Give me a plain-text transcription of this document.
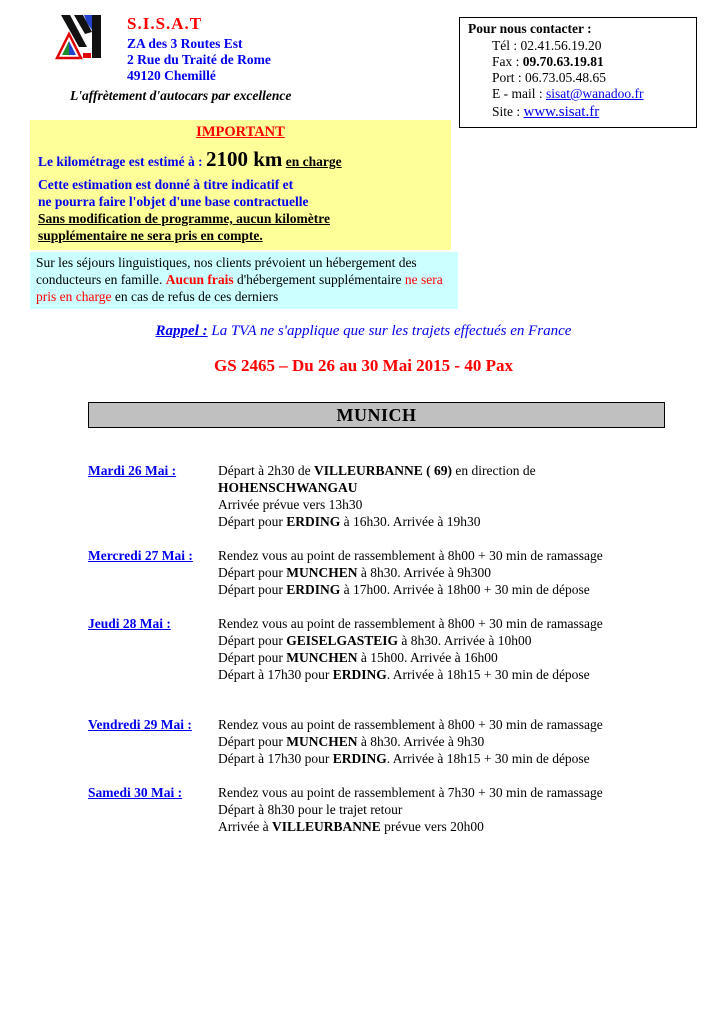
S.I.S.A.T
ZA des 3 Routes Est
2 Rue du Traité de Rome
49120 Chemillé
L'affrètement d'autocars par excellence
Pour nous contacter :
Tél : 02.41.56.19.20
Fax : 09.70.63.19.81
Port : 06.73.05.48.65
E - mail : sisat@wanadoo.fr
Site : www.sisat.fr
IMPORTANT
Le kilométrage est estimé à : 2100 km en charge
Cette estimation est donné à titre indicatif et
ne pourra faire l'objet d'une base contractuelle
Sans modification de programme, aucun kilomètre
supplémentaire ne sera pris en compte.
Sur les séjours linguistiques, nos clients prévoient un hébergement des conducteurs en famille. Aucun frais d'hébergement supplémentaire ne sera pris en charge en cas de refus de ces derniers
Rappel : La TVA ne s'applique que sur les trajets effectués en France
GS 2465 – Du 26 au 30 Mai 2015 - 40 Pax
MUNICH
Mardi 26 Mai :	Départ à 2h30 de VILLEURBANNE ( 69) en direction de
HOHENSCHWANGAU
Arrivée prévue vers 13h30
Départ pour ERDING à 16h30. Arrivée à 19h30
Mercredi 27 Mai :	Rendez vous au point de rassemblement à 8h00 + 30 min de ramassage
Départ pour MUNCHEN à 8h30. Arrivée à 9h300
Départ pour ERDING à 17h00. Arrivée à 18h00 + 30 min de dépose
Jeudi 28 Mai :	Rendez vous au point de rassemblement à 8h00 + 30 min de ramassage
Départ pour GEISELGASTEIG à 8h30. Arrivée à 10h00
Départ pour MUNCHEN à 15h00. Arrivée à 16h00
Départ à 17h30 pour ERDING. Arrivée à 18h15 + 30 min de dépose
Vendredi 29 Mai :	Rendez vous au point de rassemblement à 8h00 + 30 min de ramassage
Départ pour MUNCHEN à 8h30. Arrivée à 9h30
Départ à 17h30 pour ERDING. Arrivée à 18h15 + 30 min de dépose
Samedi 30 Mai :	Rendez vous au point de rassemblement à 7h30 + 30 min de ramassage
Départ à 8h30 pour le trajet retour
Arrivée à VILLEURBANNE prévue vers 20h00
